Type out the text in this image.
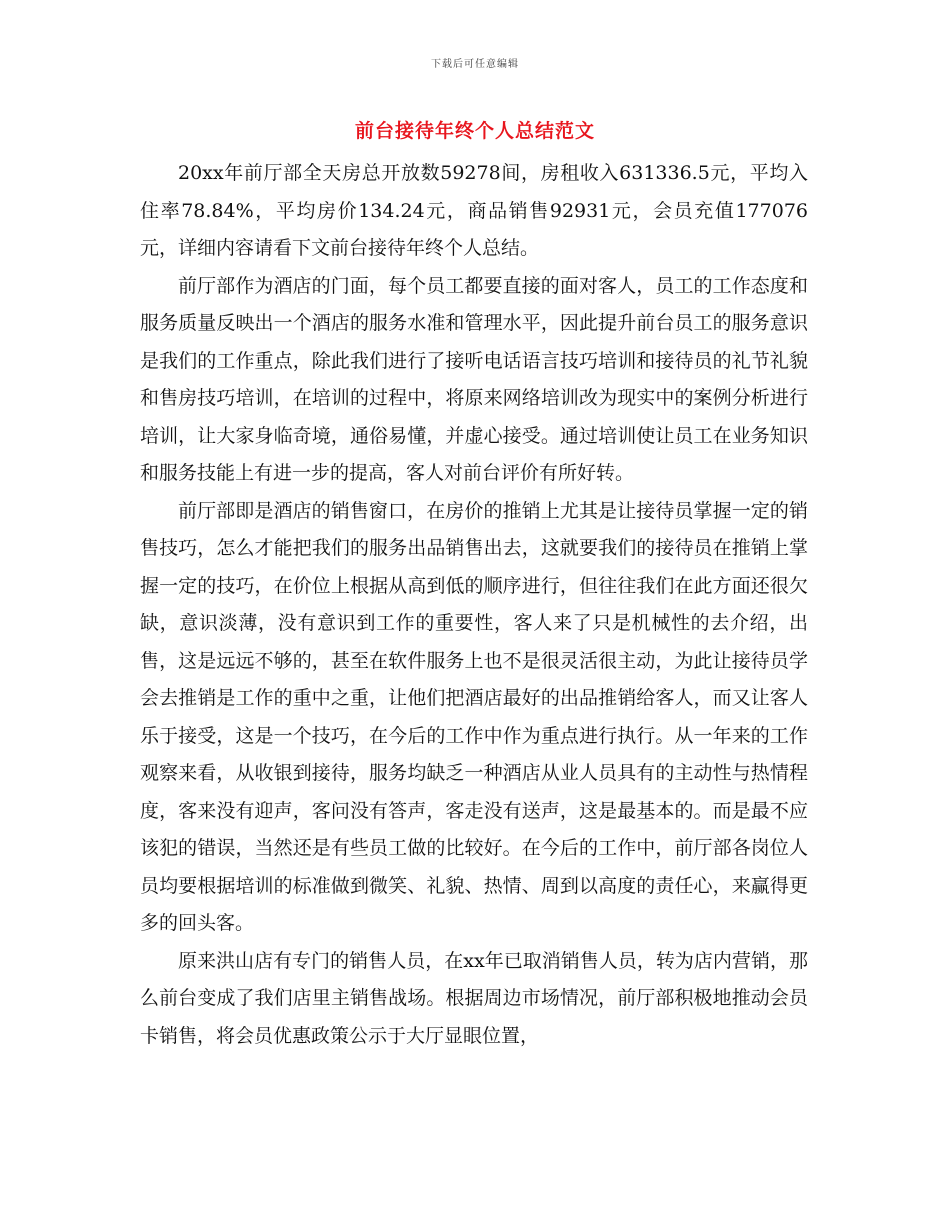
下载后可任意编辑
前台接待年终个人总结范文

20xx年前厅部全天房总开放数59278间，房租收入631336.5元，平均入住率78.84%，平均房价134.24元，商品销售92931元，会员充值177076元，详细内容请看下文前台接待年终个人总结。

前厅部作为酒店的门面，每个员工都要直接的面对客人，员工的工作态度和服务质量反映出一个酒店的服务水准和管理水平，因此提升前台员工的服务意识是我们的工作重点，除此我们进行了接听电话语言技巧培训和接待员的礼节礼貌和售房技巧培训，在培训的过程中，将原来网络培训改为现实中的案例分析进行培训，让大家身临奇境，通俗易懂，并虚心接受。通过培训使让员工在业务知识和服务技能上有进一步的提高，客人对前台评价有所好转。

前厅部即是酒店的销售窗口，在房价的推销上尤其是让接待员掌握一定的销售技巧，怎么才能把我们的服务出品销售出去，这就要我们的接待员在推销上掌握一定的技巧，在价位上根据从高到低的顺序进行，但往往我们在此方面还很欠缺，意识淡薄，没有意识到工作的重要性，客人来了只是机械性的去介绍，出售，这是远远不够的，甚至在软件服务上也不是很灵活很主动，为此让接待员学会去推销是工作的重中之重，让他们把酒店最好的出品推销给客人，而又让客人乐于接受，这是一个技巧，在今后的工作中作为重点进行执行。从一年来的工作观察来看，从收银到接待，服务均缺乏一种酒店从业人员具有的主动性与热情程度，客来没有迎声，客问没有答声，客走没有送声，这是最基本的。而是最不应该犯的错误，当然还是有些员工做的比较好。在今后的工作中，前厅部各岗位人员均要根据培训的标准做到微笑、礼貌、热情、周到以高度的责任心，来赢得更多的回头客。

原来洪山店有专门的销售人员，在xx年已取消销售人员，转为店内营销，那么前台变成了我们店里主销售战场。根据周边市场情况，前厅部积极地推动会员卡销售，将会员优惠政策公示于大厅显眼位置，
